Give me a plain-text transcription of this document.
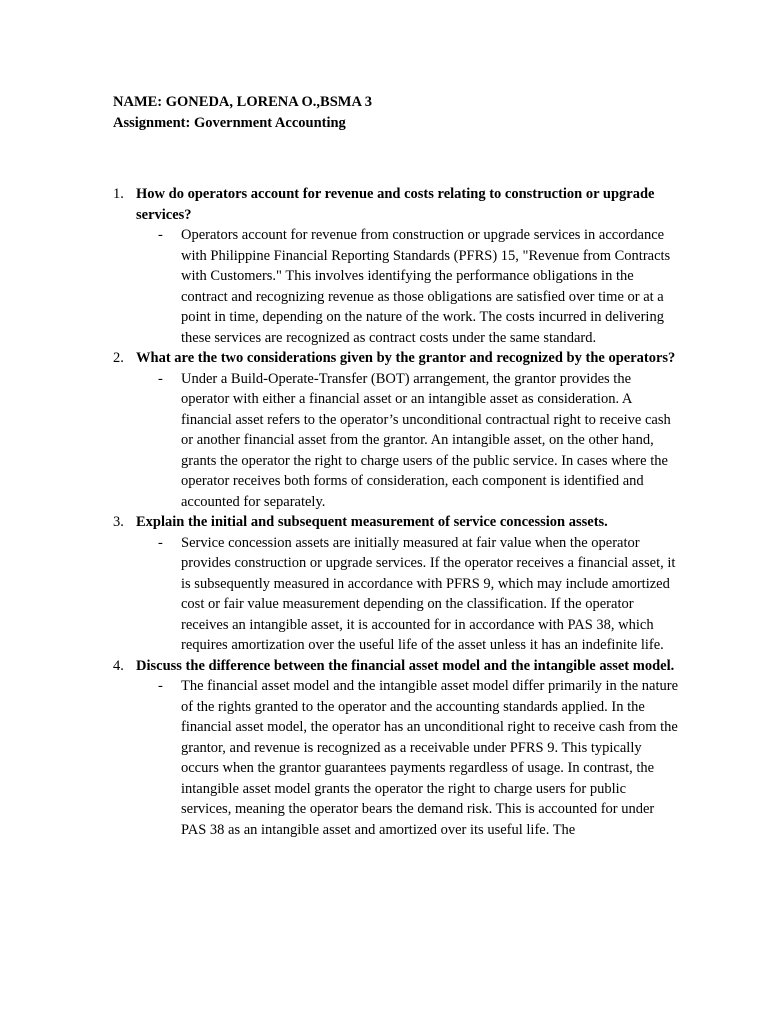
NAME: GONEDA, LORENA O.,BSMA 3

Assignment: Government Accounting

1. How do operators account for revenue and costs relating to construction or upgrade services?

- Operators account for revenue from construction or upgrade services in accordance with Philippine Financial Reporting Standards (PFRS) 15, "Revenue from Contracts with Customers." This involves identifying the performance obligations in the contract and recognizing revenue as those obligations are satisfied over time or at a point in time, depending on the nature of the work. The costs incurred in delivering these services are recognized as contract costs under the same standard.

2. What are the two considerations given by the grantor and recognized by the operators?

- Under a Build-Operate-Transfer (BOT) arrangement, the grantor provides the operator with either a financial asset or an intangible asset as consideration. A financial asset refers to the operator’s unconditional contractual right to receive cash or another financial asset from the grantor. An intangible asset, on the other hand, grants the operator the right to charge users of the public service. In cases where the operator receives both forms of consideration, each component is identified and accounted for separately.

3. Explain the initial and subsequent measurement of service concession assets.

- Service concession assets are initially measured at fair value when the operator provides construction or upgrade services. If the operator receives a financial asset, it is subsequently measured in accordance with PFRS 9, which may include amortized cost or fair value measurement depending on the classification. If the operator receives an intangible asset, it is accounted for in accordance with PAS 38, which requires amortization over the useful life of the asset unless it has an indefinite life.

4. Discuss the difference between the financial asset model and the intangible asset model.

- The financial asset model and the intangible asset model differ primarily in the nature of the rights granted to the operator and the accounting standards applied. In the financial asset model, the operator has an unconditional right to receive cash from the grantor, and revenue is recognized as a receivable under PFRS 9. This typically occurs when the grantor guarantees payments regardless of usage. In contrast, the intangible asset model grants the operator the right to charge users for public services, meaning the operator bears the demand risk. This is accounted for under PAS 38 as an intangible asset and amortized over its useful life. The
